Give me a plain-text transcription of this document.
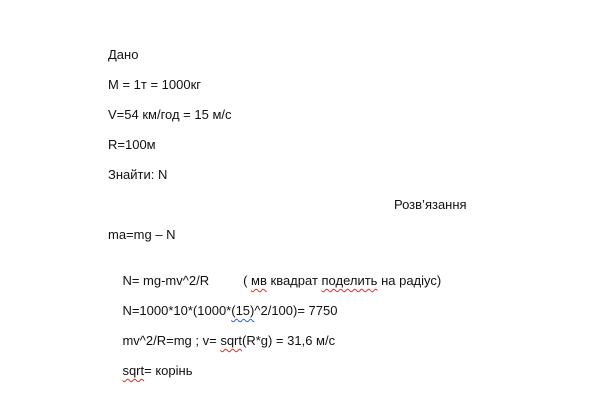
Дано
M = 1т = 1000кг
V=54 км/год = 15 м/с
R=100м
Знайти: N
Розв’язання
ma=mg – N

N= mg-mv^2/R	( мв квадрат поделить на радіус)

N=1000*10*(1000*(15)^2/100)= 7750

mv^2/R=mg ; v= sqrt(R*g) = 31,6 м/с

sqrt= корінь
